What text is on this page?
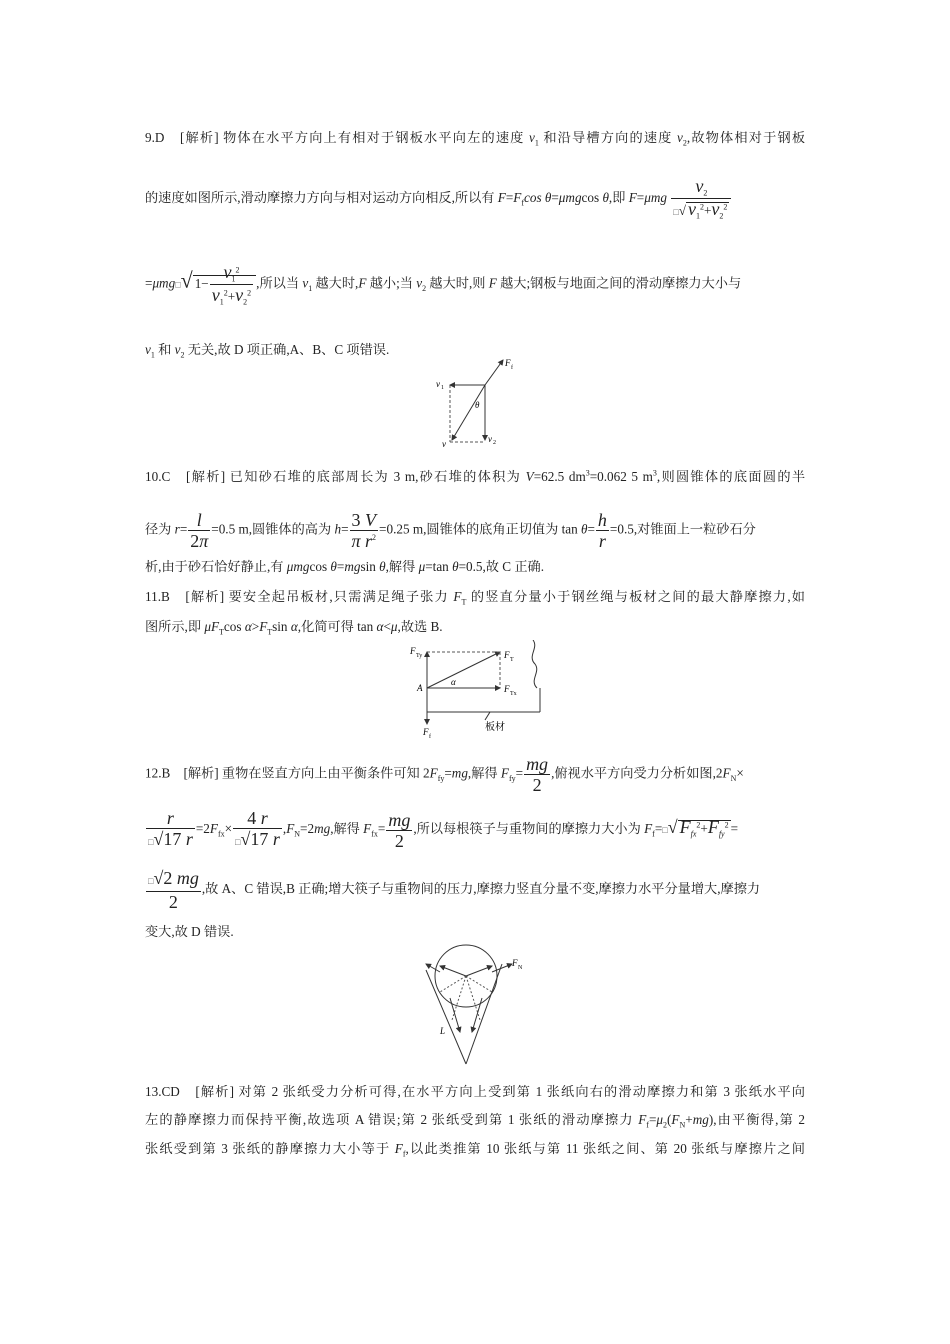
9.D　[解析] 物体在水平方向上有相对于钢板水平向左的速度 $v_1$ 和沿导槽方向的速度 $v_2$,故物体相对于钢板
的速度如图所示,滑动摩擦力方向与相对运动方向相反,所以有 $F=F_f\cos$ θ=μmgcos θ,即 $F=\mu mg \frac{v_2}{□√ v_1^2+v_2^2}$
=μmg□√ $1- \frac{v_1^2}{v_1^2+v_2^2}$ ,所以当 $v_1$ 越大时,F 越小;当 $v_2$ 越大时,则 F 越大;钢板与地面之间的滑动摩擦力大小与
$v_1$ 和 $v_2$ 无关,故 D 项正确,A、B、C 项错误.
F f
v 1
v 2
v
θ
10.C　[解析] 已知砂石堆的底部周长为 3 m,砂石堆的体积为 V=62.5 $dm^3=0.062$ 5 $m^3$,则圆锥体的底面圆的半
径为 $r= \frac{l}{2\pi} =0.5$ m,圆锥体的高为 $h= \frac{3 V}{\pi r^2} =0.25$ m,圆锥体的底角正切值为 $\tan \theta= \frac{h}{r} =0.5$,对锥面上一粒砂石分
析,由于砂石恰好静止,有 μmgcos θ=mgsin θ,解得 μ=tan θ=0.5,故 C 正确.
11.B　[解析] 要安全起吊板材,只需满足绳子张力 $F_T$ 的竖直分量小于钢丝绳与板材之间的最大静摩擦力,如
图所示,即 $\mu F_T\cos$ $\alpha>F_T\sin$ α,化简可得 tan α<μ,故选 B.
F Ty	F T
F Tx
A
α
F f
板材
12.B　[解析] 重物在竖直方向上由平衡条件可知 $2F_{fy}=mg$,解得 $F_{fy}= \frac{mg}{2}$ ,俯视水平方向受力分析如图$,2F_N\times$
$\frac{r}{□√17 r} =2F_{fx}\times \frac{4 r}{□√17 r} ,F_N=2mg$,解得 $F_{fx}= \frac{mg}{2}$ ,所以每根筷子与重物间的摩擦力大小为 $F_f=□√$ $F_{fx}^2+F_{fy}^2$ =
$\frac{□√2 mg}{2}$ ,故 A、C 错误,B 正确;增大筷子与重物间的压力,摩擦力竖直分量不变,摩擦力水平分量增大,摩擦力
变大,故 D 错误.
F N
L
13.CD　[解析] 对第 2 张纸受力分析可得,在水平方向上受到第 1 张纸向右的滑动摩擦力和第 3 张纸水平向
左的静摩擦力而保持平衡,故选项 A 错误;第 2 张纸受到第 1 张纸的滑动摩擦力 $F_f=\mu_2(F_N+mg)$,由平衡得,第 2
张纸受到第 3 张纸的静摩擦力大小等于 $F_f$,以此类推第 10 张纸与第 11 张纸之间、第 20 张纸与摩擦片之间
